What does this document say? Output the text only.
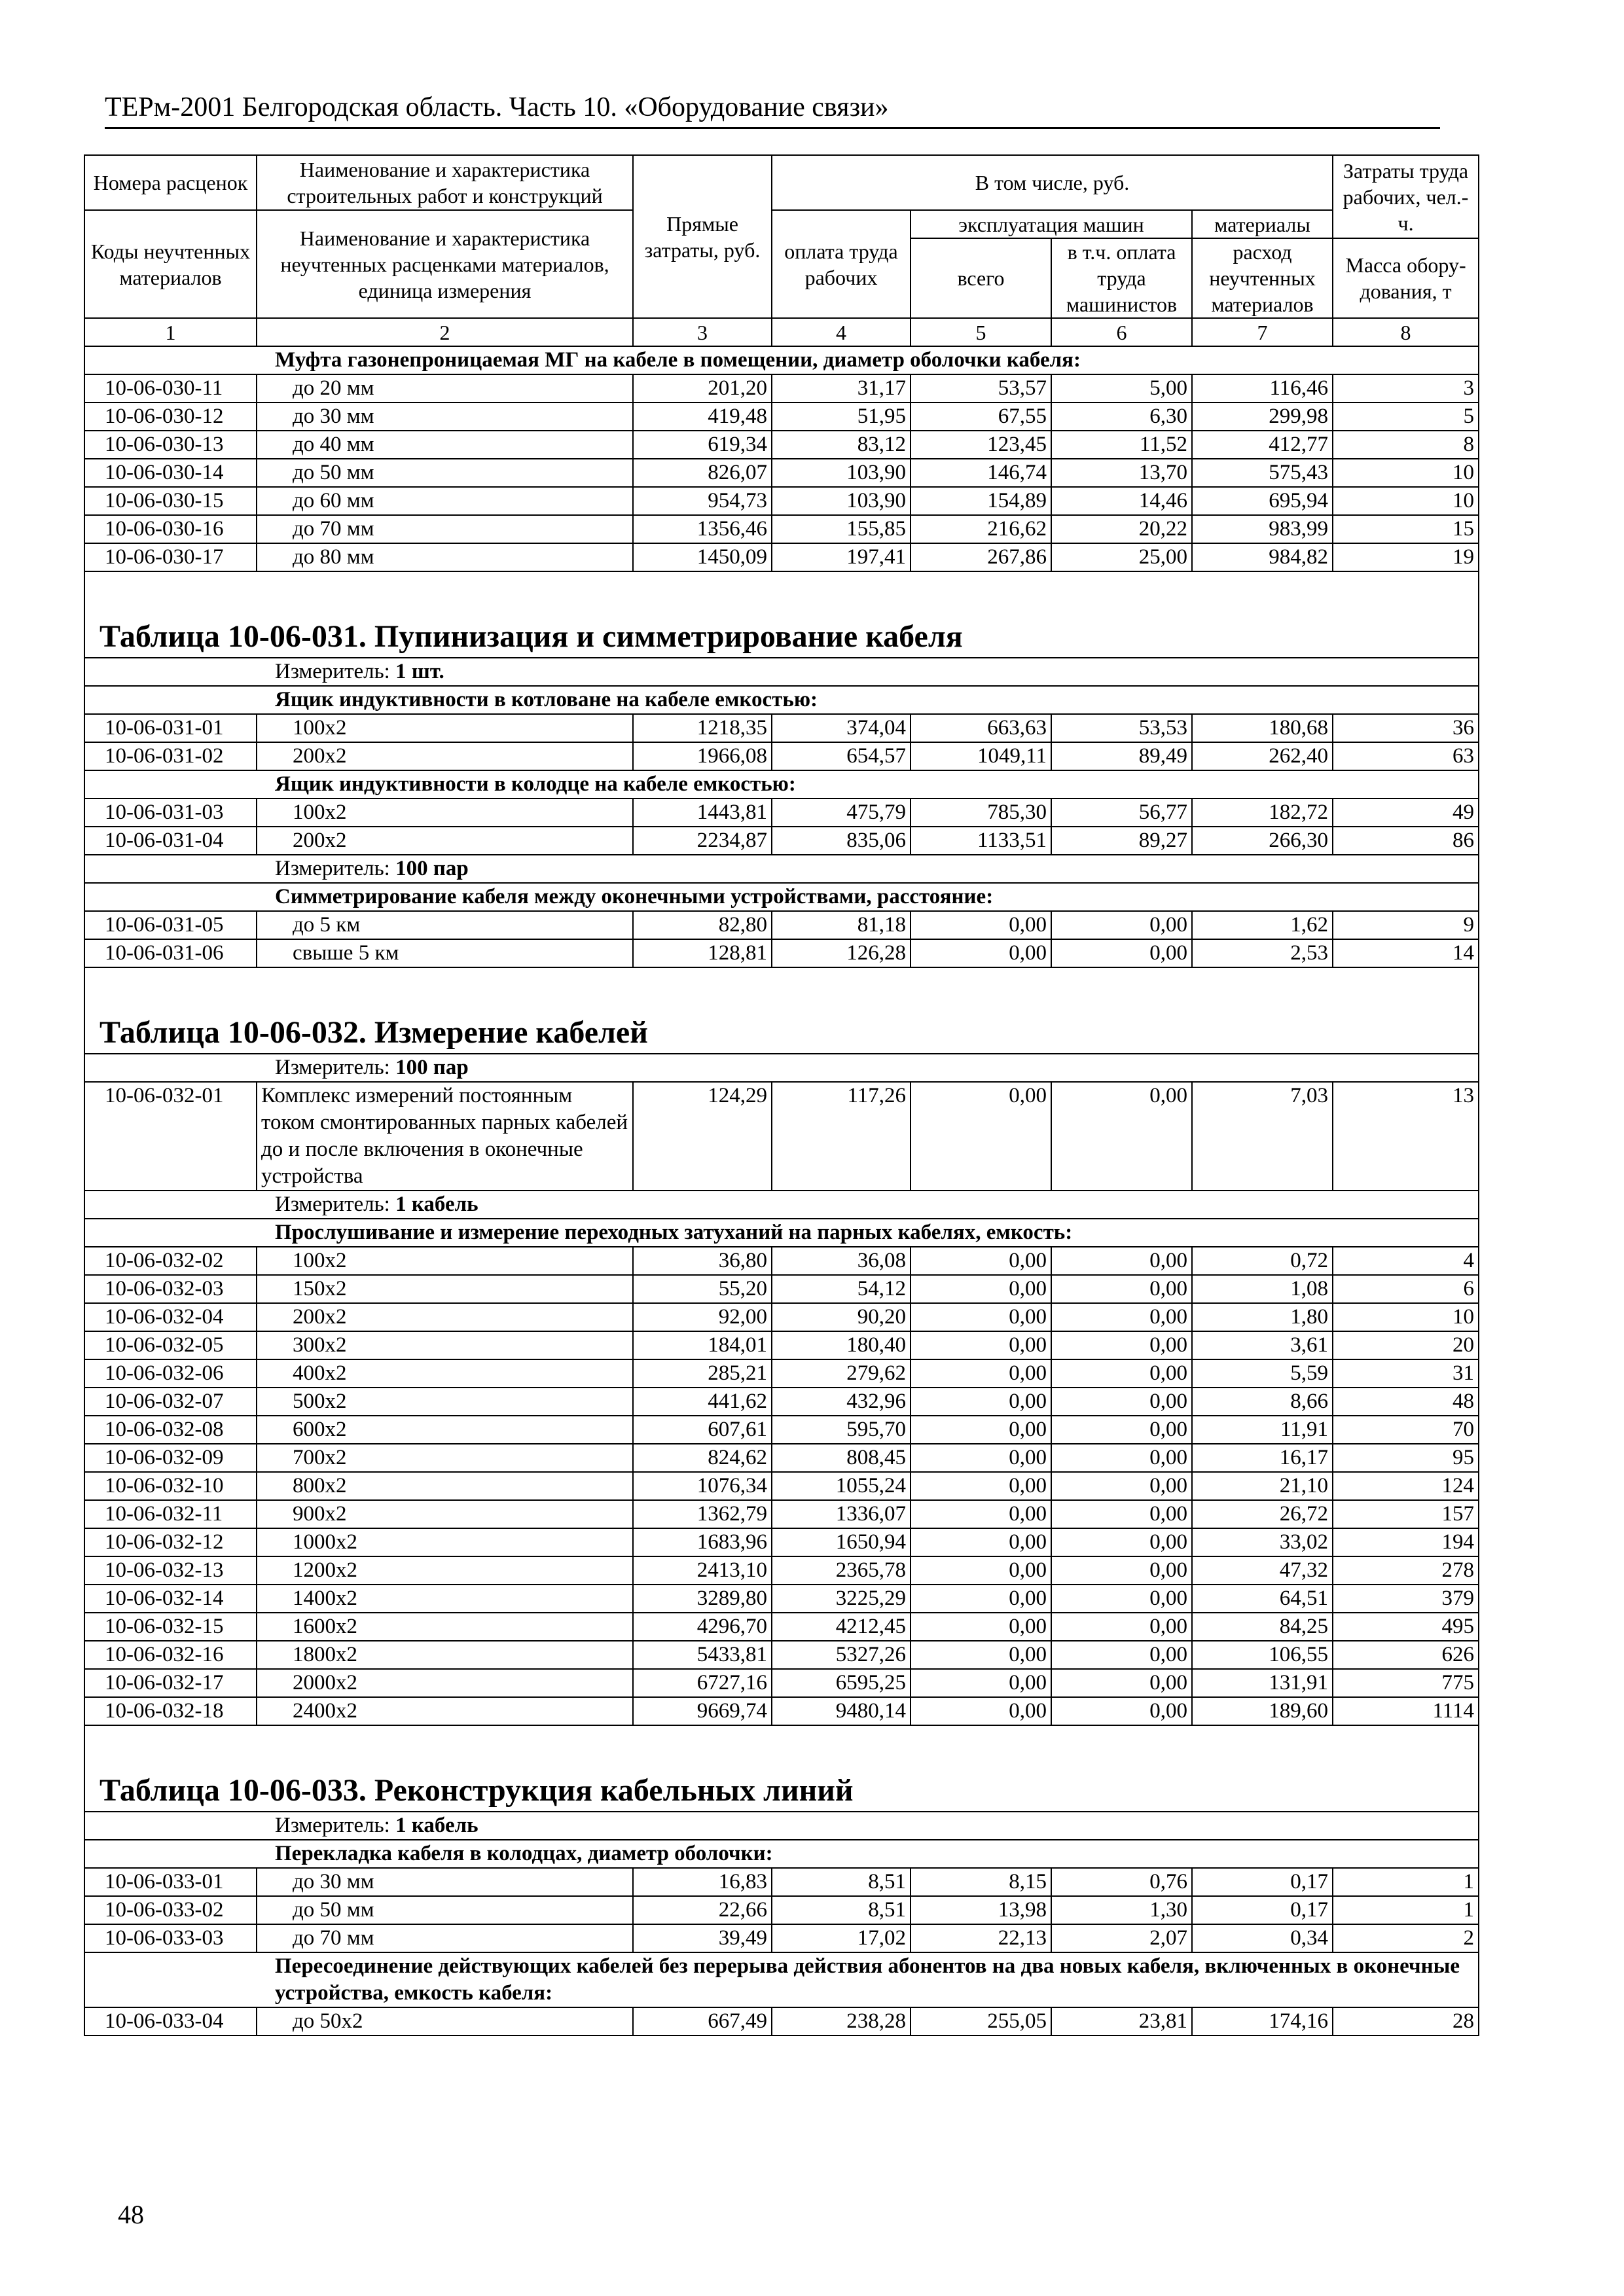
ТЕРм-2001 Белгородская область. Часть 10. «Оборудование связи»
Номера расценок	Наименование и характеристика строительных работ и конструкций	Прямые затраты, руб.	В том числе, руб.				Затраты труда рабочих, чел.-ч.
Коды неучтенных материалов	Наименование и характеристика неучтенных расценками материалов, единица измерения		оплата труда рабочих	эксплуатация машин		материалы	
				всего	в т.ч. оплата труда машинистов	расход неучтенных материалов	Масса обору- дования, т
1	2	3	4	5	6	7	8
Муфта газонепроницаемая МГ на кабеле в помещении, диаметр оболочки кабеля:							
10-06-030-11	до 20 мм	201,20	31,17	53,57	5,00	116,46	3
10-06-030-12	до 30 мм	419,48	51,95	67,55	6,30	299,98	5
10-06-030-13	до 40 мм	619,34	83,12	123,45	11,52	412,77	8
10-06-030-14	до 50 мм	826,07	103,90	146,74	13,70	575,43	10
10-06-030-15	до 60 мм	954,73	103,90	154,89	14,46	695,94	10
10-06-030-16	до 70 мм	1356,46	155,85	216,62	20,22	983,99	15
10-06-030-17	до 80 мм	1450,09	197,41	267,86	25,00	984,82	19

Таблица 10-06-031. Пупинизация и симметрирование кабеля							
Измеритель: 1 шт.							
Ящик индуктивности в котловане на кабеле емкостью:							
10-06-031-01	100х2	1218,35	374,04	663,63	53,53	180,68	36
10-06-031-02	200х2	1966,08	654,57	1049,11	89,49	262,40	63
Ящик индуктивности в колодце на кабеле емкостью:							
10-06-031-03	100х2	1443,81	475,79	785,30	56,77	182,72	49
10-06-031-04	200х2	2234,87	835,06	1133,51	89,27	266,30	86
Измеритель: 100 пар							
Симметрирование кабеля между оконечными устройствами, расстояние:							
10-06-031-05	до 5 км	82,80	81,18	0,00	0,00	1,62	9
10-06-031-06	свыше 5 км	128,81	126,28	0,00	0,00	2,53	14

Таблица 10-06-032. Измерение кабелей							
Измеритель: 100 пар							
10-06-032-01	Комплекс измерений постоянным током смонтированных парных кабелей до и после включения в оконечные устройства	124,29	117,26	0,00	0,00	7,03	13
Измеритель: 1 кабель							
Прослушивание и измерение переходных затуханий на парных кабелях, емкость:							
10-06-032-02	100х2	36,80	36,08	0,00	0,00	0,72	4
10-06-032-03	150х2	55,20	54,12	0,00	0,00	1,08	6
10-06-032-04	200х2	92,00	90,20	0,00	0,00	1,80	10
10-06-032-05	300х2	184,01	180,40	0,00	0,00	3,61	20
10-06-032-06	400х2	285,21	279,62	0,00	0,00	5,59	31
10-06-032-07	500х2	441,62	432,96	0,00	0,00	8,66	48
10-06-032-08	600х2	607,61	595,70	0,00	0,00	11,91	70
10-06-032-09	700х2	824,62	808,45	0,00	0,00	16,17	95
10-06-032-10	800х2	1076,34	1055,24	0,00	0,00	21,10	124
10-06-032-11	900х2	1362,79	1336,07	0,00	0,00	26,72	157
10-06-032-12	1000х2	1683,96	1650,94	0,00	0,00	33,02	194
10-06-032-13	1200х2	2413,10	2365,78	0,00	0,00	47,32	278
10-06-032-14	1400х2	3289,80	3225,29	0,00	0,00	64,51	379
10-06-032-15	1600х2	4296,70	4212,45	0,00	0,00	84,25	495
10-06-032-16	1800х2	5433,81	5327,26	0,00	0,00	106,55	626
10-06-032-17	2000х2	6727,16	6595,25	0,00	0,00	131,91	775
10-06-032-18	2400х2	9669,74	9480,14	0,00	0,00	189,60	1114

Таблица 10-06-033. Реконструкция кабельных линий							
Измеритель: 1 кабель							
Перекладка кабеля в колодцах, диаметр оболочки:							
10-06-033-01	до 30 мм	16,83	8,51	8,15	0,76	0,17	1
10-06-033-02	до 50 мм	22,66	8,51	13,98	1,30	0,17	1
10-06-033-03	до 70 мм	39,49	17,02	22,13	2,07	0,34	2
Пересоединение действующих кабелей без перерыва действия абонентов на два новых кабеля, включенных в оконечные устройства, емкость кабеля:							
10-06-033-04	до 50х2	667,49	238,28	255,05	23,81	174,16	28
48
